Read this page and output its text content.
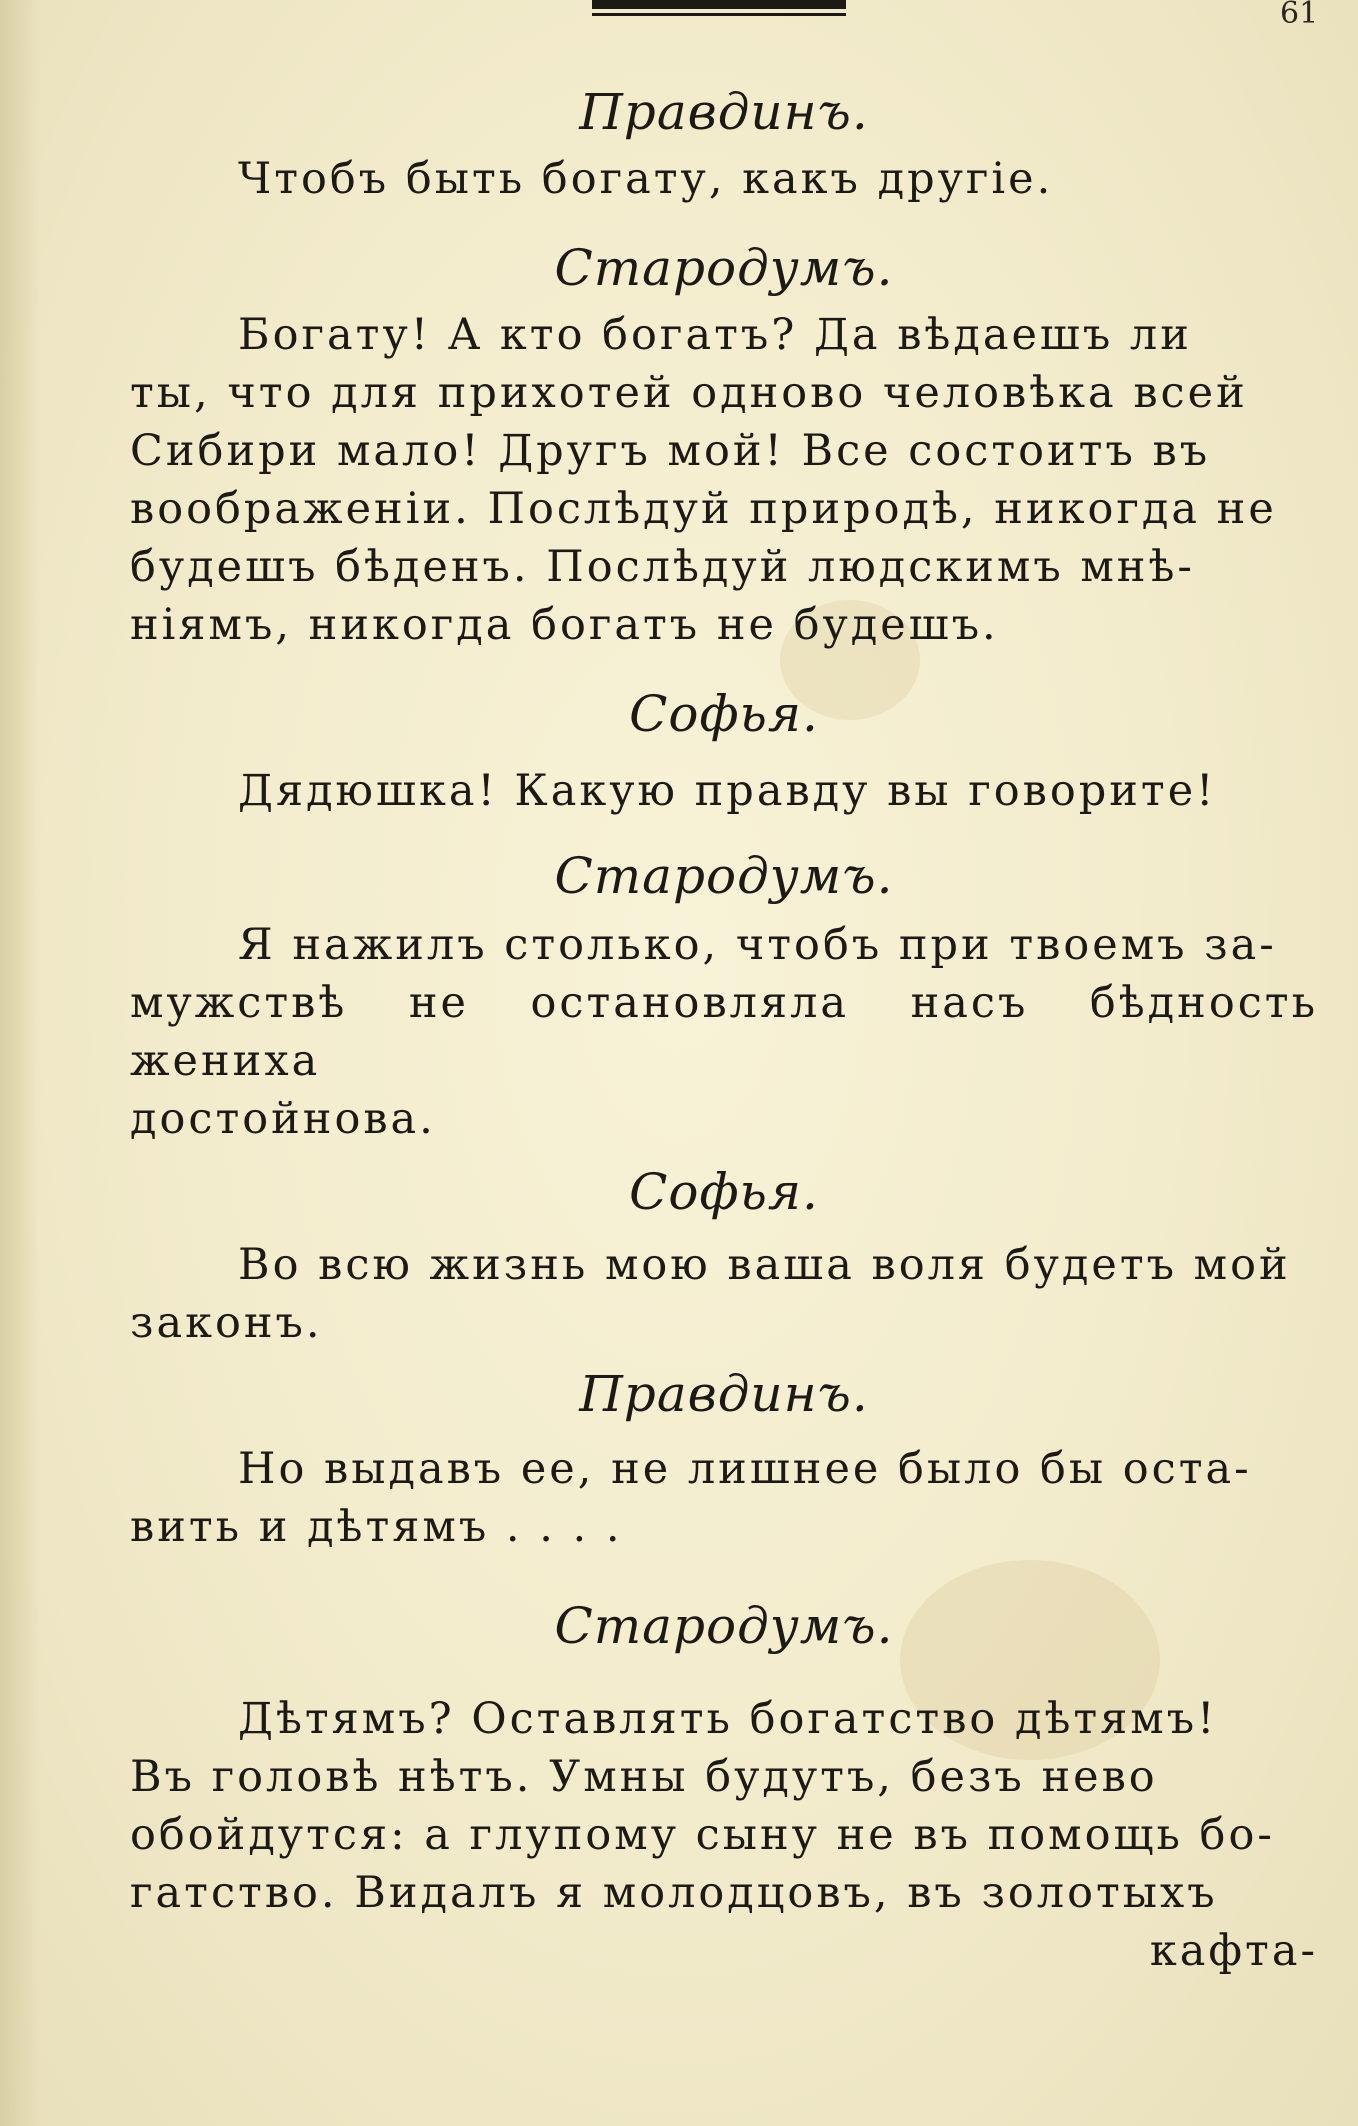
61

Правдинъ.

Чтобъ быть богату, какъ другiе.

Стародумъ.

Богату! А кто богатъ? Да вѣдаешъ ли
ты, что для прихотей одново человѣка всей
Сибири мало! Другъ мой! Все состоитъ въ
воображенiи. Послѣдуй природѣ, никогда не
будешъ бѣденъ. Послѣдуй людскимъ мнѣ-
нiямъ, никогда богатъ не будешъ.

Софья.

Дядюшка! Какую правду вы говорите!

Стародумъ.

Я нажилъ столько, чтобъ при твоемъ за-
мужствѣ не остановляла насъ бѣдность жениха
достойнова.

Софья.

Во всю жизнь мою ваша воля будетъ мой
законъ.

Правдинъ.

Но выдавъ ее, не лишнее было бы оста-
вить и дѣтямъ . . . .

Стародумъ.

Дѣтямъ? Оставлять богатство дѣтямъ!
Въ головѣ нѣтъ. Умны будутъ, безъ нево
обойдутся: а глупому сыну не въ помощь бо-
гатство. Видалъ я молодцовъ, въ золотыхъ
кафта-
